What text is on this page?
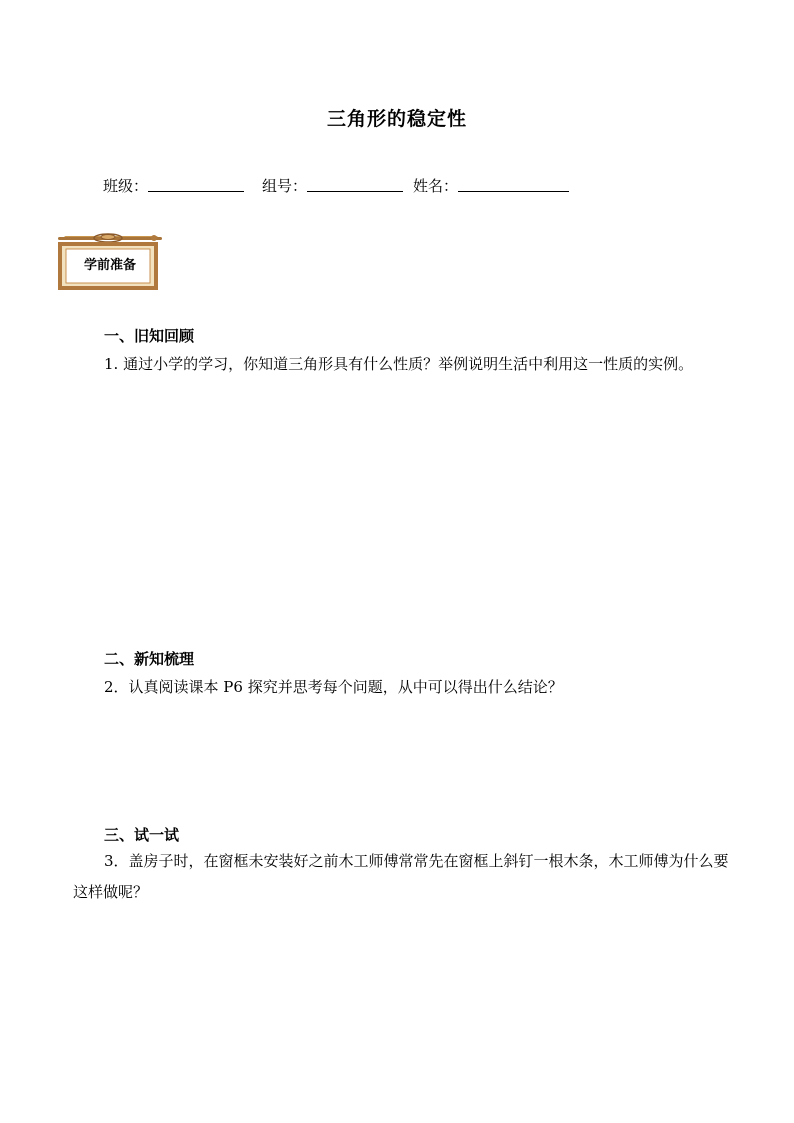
三角形的稳定性
班级：	组号：	姓名：
学前准备
一、旧知回顾
1. 通过小学的学习，你知道三角形具有什么性质？举例说明生活中利用这一性质的实例。
二、新知梳理
2．认真阅读课本 P6 探究并思考每个问题，从中可以得出什么结论？
三、试一试
3．盖房子时，在窗框未安装好之前木工师傅常常先在窗框上斜钉一根木条，木工师傅为什么要这样做呢？
